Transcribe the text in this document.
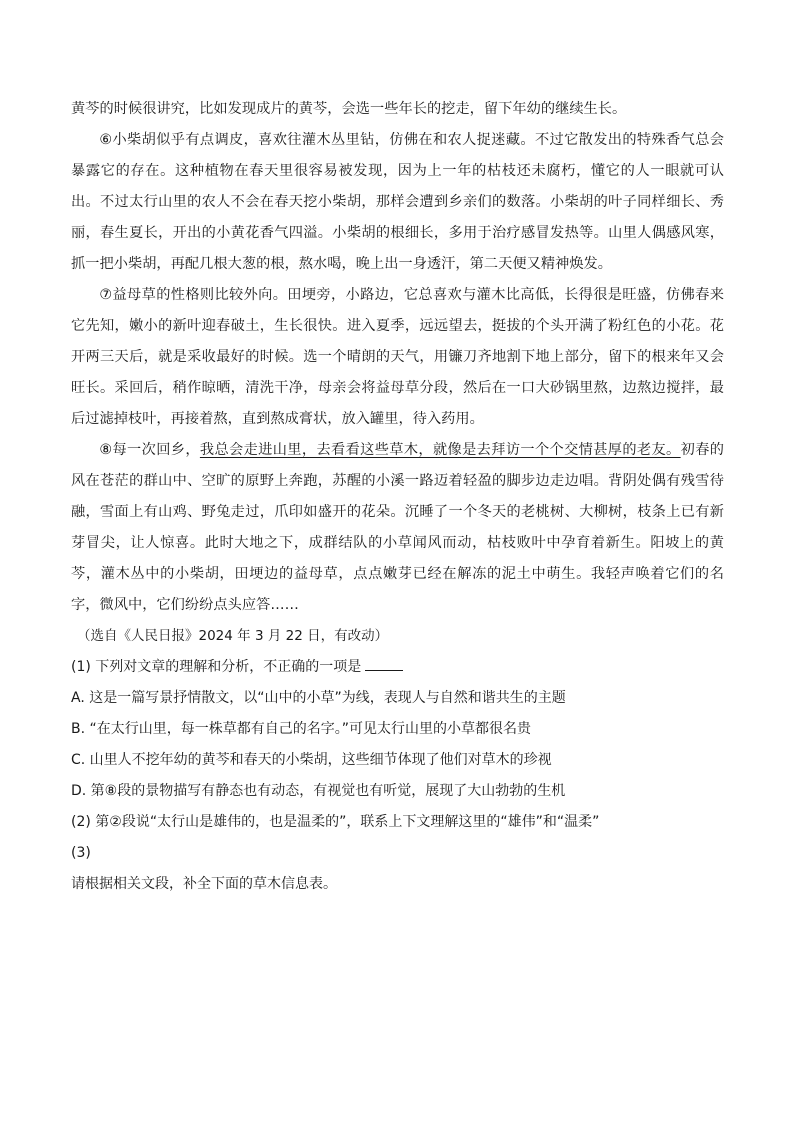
黄芩的时候很讲究，比如发现成片的黄芩，会选一些年长的挖走，留下年幼的继续生长。

⑥小柴胡似乎有点调皮，喜欢往灌木丛里钻，仿佛在和农人捉迷藏。不过它散发出的特殊香气总会暴露它的存在。这种植物在春天里很容易被发现，因为上一年的枯枝还未腐朽，懂它的人一眼就可认出。不过太行山里的农人不会在春天挖小柴胡，那样会遭到乡亲们的数落。小柴胡的叶子同样细长、秀丽，春生夏长，开出的小黄花香气四溢。小柴胡的根细长，多用于治疗感冒发热等。山里人偶感风寒，抓一把小柴胡，再配几根大葱的根，熬水喝，晚上出一身透汗，第二天便又精神焕发。

⑦益母草的性格则比较外向。田埂旁，小路边，它总喜欢与灌木比高低，长得很是旺盛，仿佛春来它先知，嫩小的新叶迎春破土，生长很快。进入夏季，远远望去，挺拔的个头开满了粉红色的小花。花开两三天后，就是采收最好的时候。选一个晴朗的天气，用镰刀齐地割下地上部分，留下的根来年又会旺长。采回后，稍作晾晒，清洗干净，母亲会将益母草分段，然后在一口大砂锅里熬，边熬边搅拌，最后过滤掉枝叶，再接着熬，直到熬成膏状，放入罐里，待入药用。

⑧每一次回乡，我总会走进山里，去看看这些草木，就像是去拜访一个个交情甚厚的老友。初春的风在苍茫的群山中、空旷的原野上奔跑，苏醒的小溪一路迈着轻盈的脚步边走边唱。背阴处偶有残雪待融，雪面上有山鸡、野兔走过，爪印如盛开的花朵。沉睡了一个冬天的老桃树、大柳树，枝条上已有新芽冒尖，让人惊喜。此时大地之下，成群结队的小草闻风而动，枯枝败叶中孕育着新生。阳坡上的黄芩，灌木丛中的小柴胡，田埂边的益母草，点点嫩芽已经在解冻的泥土中萌生。我轻声唤着它们的名字，微风中，它们纷纷点头应答……

（选自《人民日报》2024 年 3 月 22 日，有改动）

(1) 下列对文章的理解和分析，不正确的一项是

A. 这是一篇写景抒情散文，以“山中的小草”为线，表现人与自然和谐共生的主题

B. “在太行山里，每一株草都有自己的名字。”可见太行山里的小草都很名贵

C. 山里人不挖年幼的黄芩和春天的小柴胡，这些细节体现了他们对草木的珍视

D. 第⑧段的景物描写有静态也有动态，有视觉也有听觉，展现了大山勃勃的生机

(2) 第②段说“太行山是雄伟的，也是温柔的”，联系上下文理解这里的“雄伟”和“温柔”

(3)

请根据相关文段，补全下面的草木信息表。
